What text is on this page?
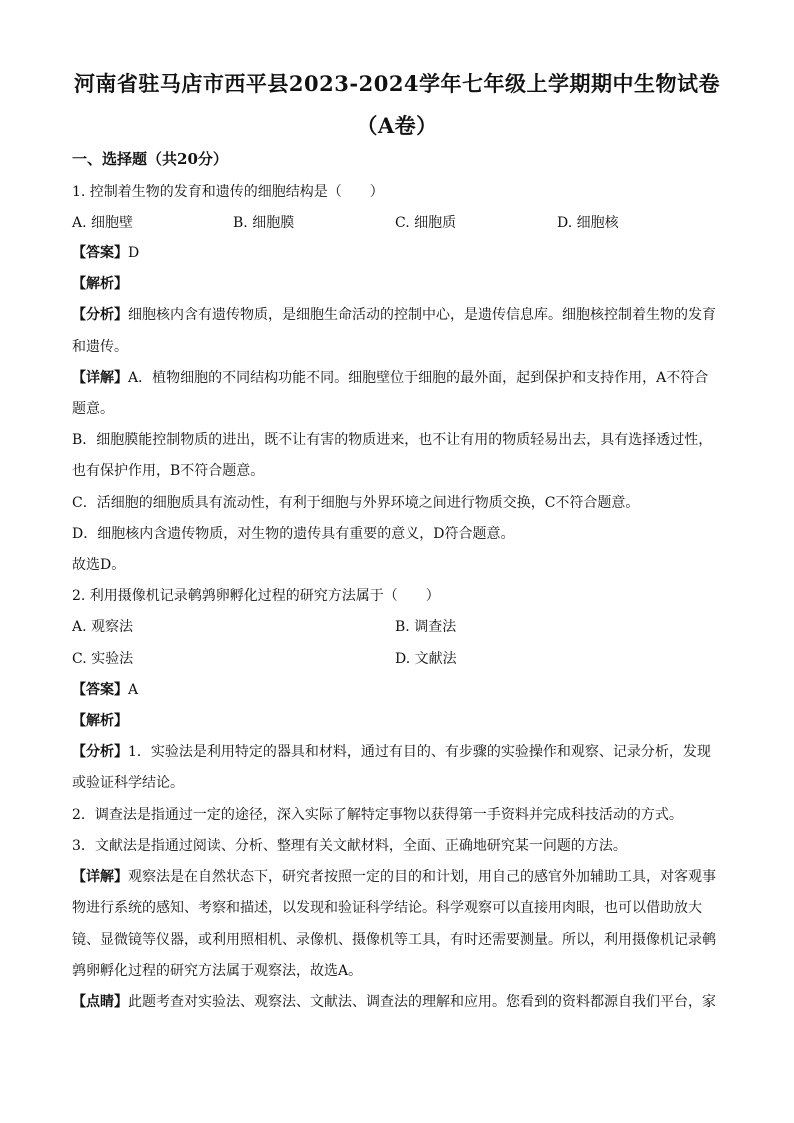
河南省驻马店市西平县2023-2024学年七年级上学期期中生物试卷
（A卷）
一、选择题（共20分）
1. 控制着生物的发育和遗传的细胞结构是（　　）
A. 细胞壁	B. 细胞膜	C. 细胞质	D. 细胞核
【答案】D
【解析】
【分析】细胞核内含有遗传物质，是细胞生命活动的控制中心，是遗传信息库。细胞核控制着生物的发育
和遗传。
【详解】A．植物细胞的不同结构功能不同。细胞壁位于细胞的最外面，起到保护和支持作用，A不符合
题意。
B．细胞膜能控制物质的进出，既不让有害的物质进来，也不让有用的物质轻易出去，具有选择透过性，
也有保护作用，B不符合题意。
C．活细胞的细胞质具有流动性，有利于细胞与外界环境之间进行物质交换，C不符合题意。
D．细胞核内含遗传物质，对生物的遗传具有重要的意义，D符合题意。
故选D。
2. 利用摄像机记录鹌鹑卵孵化过程的研究方法属于（　　）
A. 观察法	B. 调查法
C. 实验法	D. 文献法
【答案】A
【解析】
【分析】1．实验法是利用特定的器具和材料，通过有目的、有步骤的实验操作和观察、记录分析，发现
或验证科学结论。
2．调查法是指通过一定的途径，深入实际了解特定事物以获得第一手资料并完成科技活动的方式。
3．文献法是指通过阅读、分析、整理有关文献材料，全面、正确地研究某一问题的方法。
【详解】观察法是在自然状态下，研究者按照一定的目的和计划，用自己的感官外加辅助工具，对客观事
物进行系统的感知、考察和描述，以发现和验证科学结论。科学观察可以直接用肉眼，也可以借助放大
镜、显微镜等仪器，或利用照相机、录像机、摄像机等工具，有时还需要测量。所以，利用摄像机记录鹌
鹑卵孵化过程的研究方法属于观察法，故选A。
【点睛】此题考查对实验法、观察法、文献法、调查法的理解和应用。您看到的资料都源自我们平台，家
